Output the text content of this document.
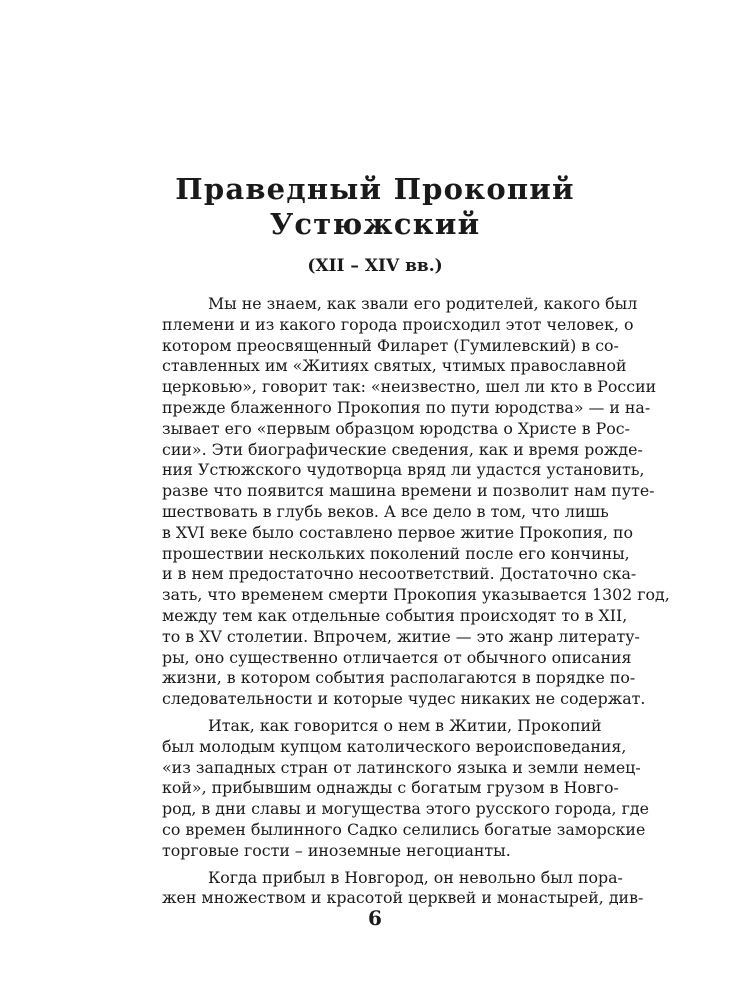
Праведный Прокопий
Устюжский

(XII – XIV вв.)

Мы не знаем, как звали его родителей, какого был
племени и из какого города происходил этот человек, о
котором преосвященный Филарет (Гумилевский) в со-
ставленных им «Житиях святых, чтимых православной
церковью», говорит так: «неизвестно, шел ли кто в России
прежде блаженного Прокопия по пути юродства» — и на-
зывает его «первым образцом юродства о Христе в Рос-
сии». Эти биографические сведения, как и время рожде-
ния Устюжского чудотворца вряд ли удастся установить,
разве что появится машина времени и позволит нам путе-
шествовать в глубь веков. А все дело в том, что лишь
в XVI веке было составлено первое житие Прокопия, по
прошествии нескольких поколений после его кончины,
и в нем предостаточно несоответствий. Достаточно ска-
зать, что временем смерти Прокопия указывается 1302 год,
между тем как отдельные события происходят то в XII,
то в XV столетии. Впрочем, житие — это жанр литерату-
ры, оно существенно отличается от обычного описания
жизни, в котором события располагаются в порядке по-
следовательности и которые чудес никаких не содержат.

Итак, как говорится о нем в Житии, Прокопий
был молодым купцом католического вероисповедания,
«из западных стран от латинского языка и земли немец-
кой», прибывшим однажды с богатым грузом в Новго-
род, в дни славы и могущества этого русского города, где
со времен былинного Садко селились богатые заморские
торговые гости – иноземные негоцианты.

Когда прибыл в Новгород, он невольно был пора-
жен множеством и красотой церквей и монастырей, див-

6
